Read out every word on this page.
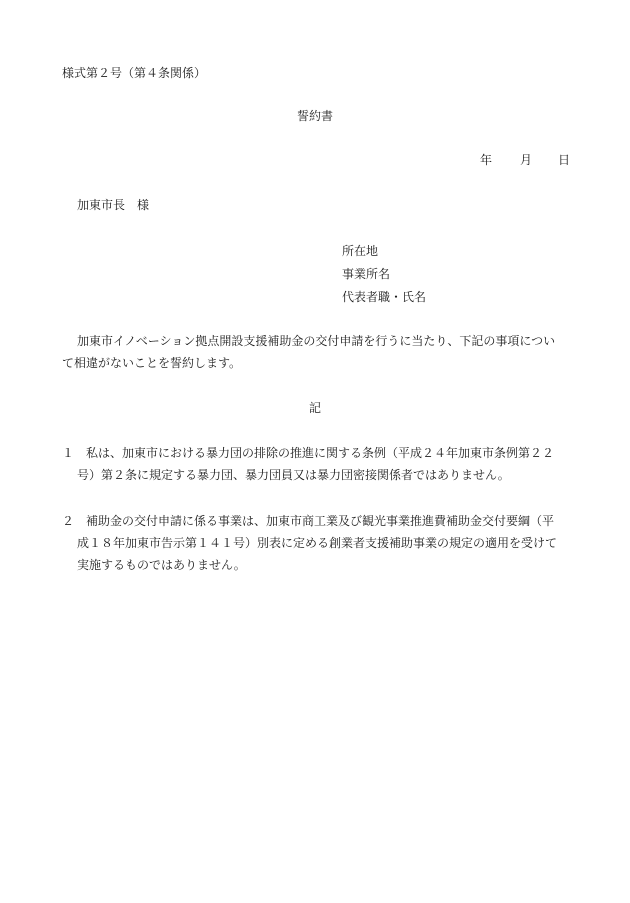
様式第２号（第４条関係）
誓約書
年 月 日
加東市長　様
所在地
事業所名
代表者職・氏名
加東市イノベーション拠点開設支援補助金の交付申請を行うに当たり、下記の事項につい
て相違がないことを誓約します。
記
１　私は、加東市における暴力団の排除の推進に関する条例（平成２４年加東市条例第２２
号）第２条に規定する暴力団、暴力団員又は暴力団密接関係者ではありません。
２　補助金の交付申請に係る事業は、加東市商工業及び観光事業推進費補助金交付要綱（平
成１８年加東市告示第１４１号）別表に定める創業者支援補助事業の規定の適用を受けて
実施するものではありません。
